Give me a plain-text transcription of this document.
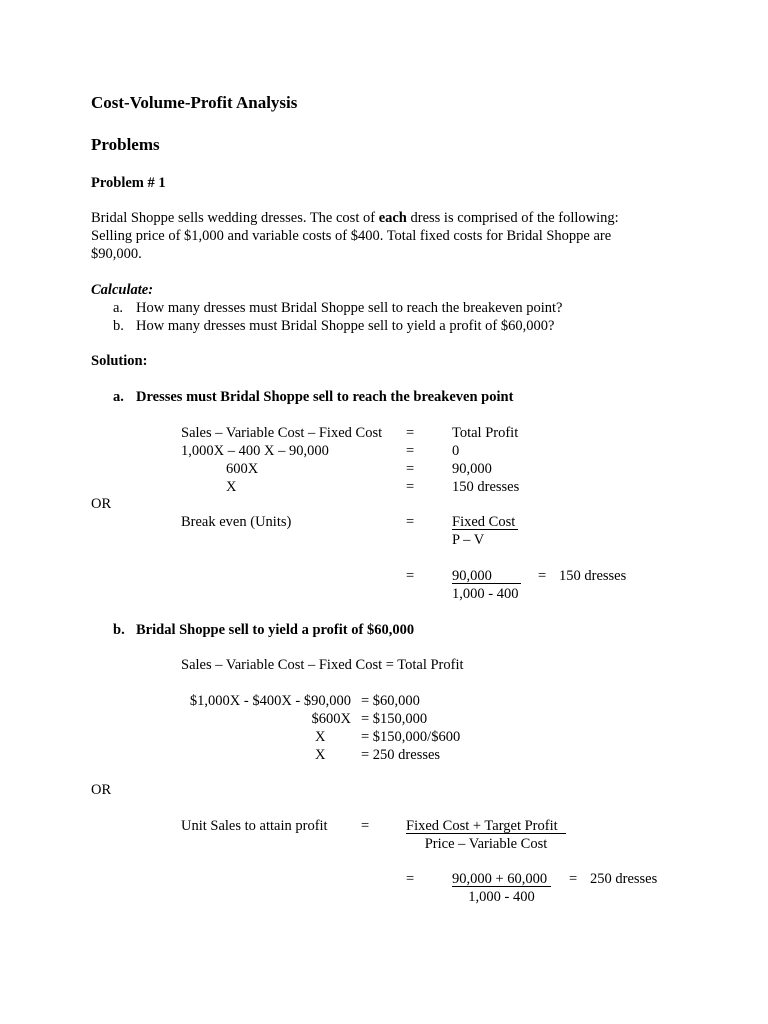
Cost-Volume-Profit Analysis
Problems
Problem # 1
Bridal Shoppe sells wedding dresses. The cost of each dress is comprised of the following:
Selling price of $1,000 and variable costs of $400. Total fixed costs for Bridal Shoppe are
$90,000.
Calculate:
a. How many dresses must Bridal Shoppe sell to reach the breakeven point?
b. How many dresses must Bridal Shoppe sell to yield a profit of $60,000?
Solution:
a. Dresses must Bridal Shoppe sell to reach the breakeven point
Sales – Variable Cost – Fixed Cost =	Total Profit
1,000X – 400 X – 90,000	=	0
600X	=	90,000
X	=	150 dresses
OR
Break even (Units)	=	Fixed Cost
P – V
=	90,000
1,000 - 400
= 150 dresses
b. Bridal Shoppe sell to yield a profit of $60,000
Sales – Variable Cost – Fixed Cost = Total Profit
$1,000X - $400X - $90,000 = $60,000
$600X = $150,000
X = $150,000/$600
X = 250 dresses
OR
Unit Sales to attain profit =	Fixed Cost + Target Profit
Price – Variable Cost
=	90,000 + 60,000
1,000 - 400
= 250 dresses
